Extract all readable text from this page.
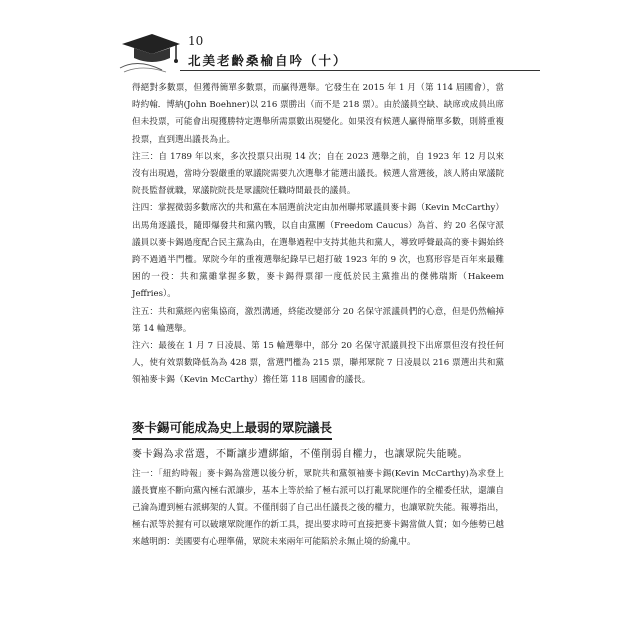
10
北美老齡桑榆自吟（十）

得絕對多數票，但獲得簡單多數票，而贏得選舉。它發生在 2015 年 1 月（第 114 屆國會），當時約翰．博納(John Boehner)以 216 票勝出（而不是 218 票）。由於議員空缺、缺席或成員出席但未投票，可能會出現獲勝特定選舉所需票數出現變化。如果沒有候選人贏得簡單多數，則將重複投票，直到選出議長為止。

注三：自 1789 年以來，多次投票只出現 14 次；自在 2023 選舉之前，自 1923 年 12 月以來沒有出現過，當時分裂嚴重的眾議院需要九次選舉才能選出議長。候選人當選後，該人將由眾議院院長監督就職，眾議院院長是眾議院任職時間最長的議員。

注四：掌握微弱多數席次的共和黨在本屆選前決定由加州聯邦眾議員麥卡錫（Kevin McCarthy）出馬角逐議長，隨即爆發共和黨內戰，以自由黨團（Freedom Caucus）為首、約 20 名保守派議員以麥卡錫過度配合民主黨為由，在選舉過程中支持其他共和黨人，導致呼聲最高的麥卡錫始終跨不過過半門檻。眾院今年的重複選舉紀錄早已超打破 1923 年的 9 次，也寫形容是百年來最難困的一役：共和黨雖掌握多數，麥卡錫得票卻一度低於民主黨推出的傑佛瑞斯（Hakeem Jeffries）。

注五：共和黨經內密集協商，激烈溝通，終能改變部分 20 名保守派議員們的心意，但是仍然輸掉第 14 輪選舉。

注六：最後在 1 月 7 日凌晨、第 15 輪選舉中，部分 20 名保守派議員投下出席票但沒有投任何人，使有效票數降低為為 428 票，當選門檻為 215 票，聯邦眾院 7 日凌晨以 216 票選出共和黨領袖麥卡錫（Kevin McCarthy）擔任第 118 屆國會的議長。

麥卡錫可能成為史上最弱的眾院議長

麥卡錫為求當選，不斷讓步遭綁縮，不僅削弱自權力，也讓眾院失能曉。

注一：「紐約時報」麥卡錫為當選以後分析，眾院共和黨領袖麥卡錫(Kevin McCarthy)為求登上議長寶座不斷向黨內極右派讓步，基本上等於給了極右派可以打亂眾院運作的全權委任狀，還讓自己淪為遭到極右派綁架的人質。不僅削弱了自己出任議長之後的權力，也讓眾院失能。報導指出，極右派等於握有可以破壞眾院運作的新工具，提出要求時可直接把麥卡錫當做人質；如今態勢已越來越明朗：美國要有心理準備，眾院未來兩年可能陷於永無止境的紛亂中。
